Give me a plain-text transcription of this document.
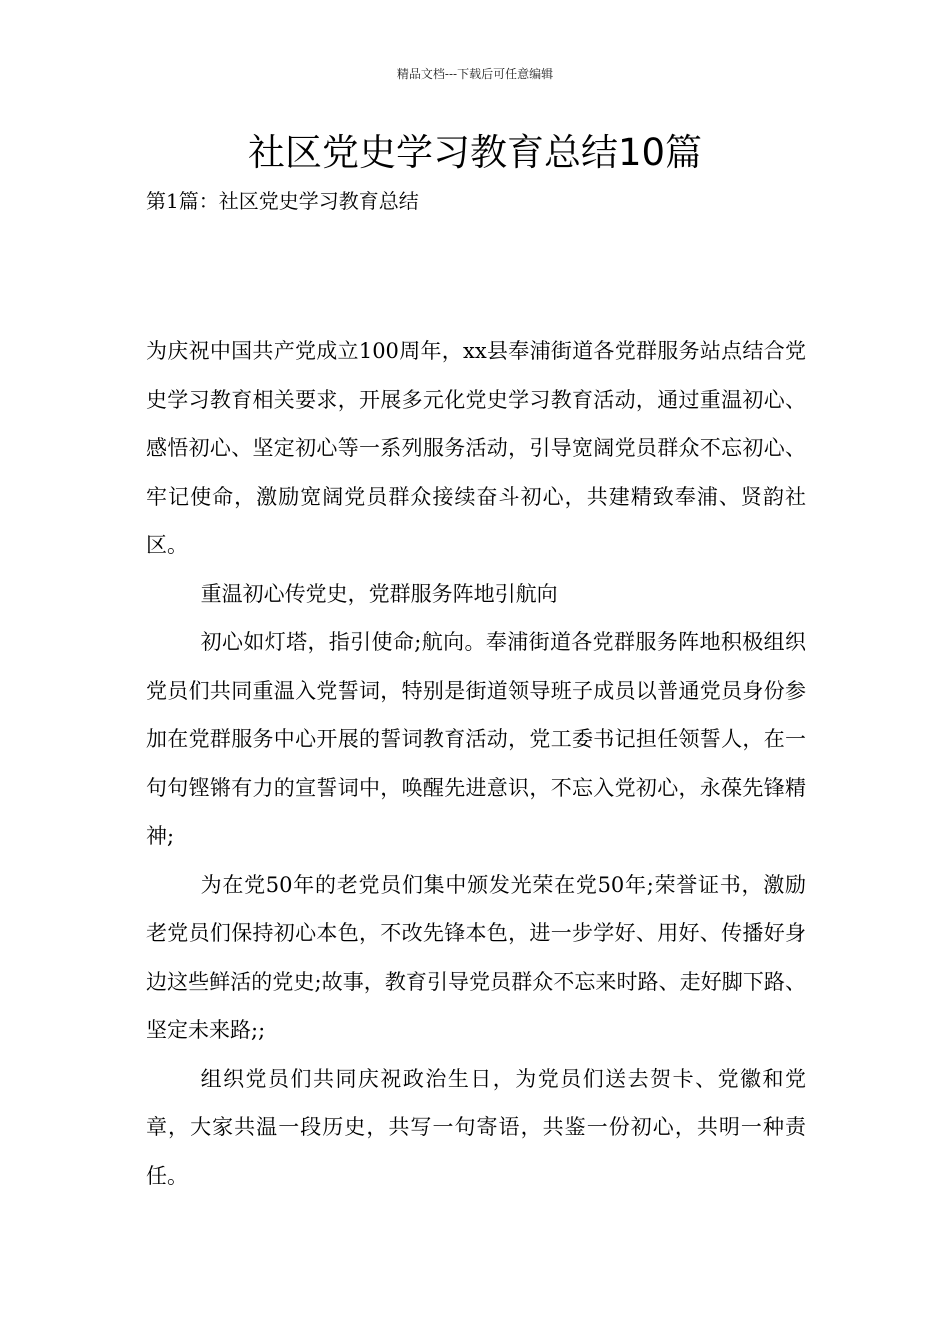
精品文档---下载后可任意编辑
社区党史学习教育总结10篇

第1篇：社区党史学习教育总结

为庆祝中国共产党成立100周年，xx县奉浦街道各党群服务站点结合党史学习教育相关要求，开展多元化党史学习教育活动，通过重温初心、感悟初心、坚定初心等一系列服务活动，引导宽阔党员群众不忘初心、牢记使命，激励宽阔党员群众接续奋斗初心，共建精致奉浦、贤韵社区。

重温初心传党史，党群服务阵地引航向

初心如灯塔，指引使命;航向。奉浦街道各党群服务阵地积极组织党员们共同重温入党誓词，特别是街道领导班子成员以普通党员身份参加在党群服务中心开展的誓词教育活动，党工委书记担任领誓人，在一句句铿锵有力的宣誓词中，唤醒先进意识，不忘入党初心，永葆先锋精神;

为在党50年的老党员们集中颁发光荣在党50年;荣誉证书，激励老党员们保持初心本色，不改先锋本色，进一步学好、用好、传播好身边这些鲜活的党史;故事，教育引导党员群众不忘来时路、走好脚下路、坚定未来路;;

组织党员们共同庆祝政治生日，为党员们送去贺卡、党徽和党章，大家共温一段历史，共写一句寄语，共鉴一份初心，共明一种责任。
